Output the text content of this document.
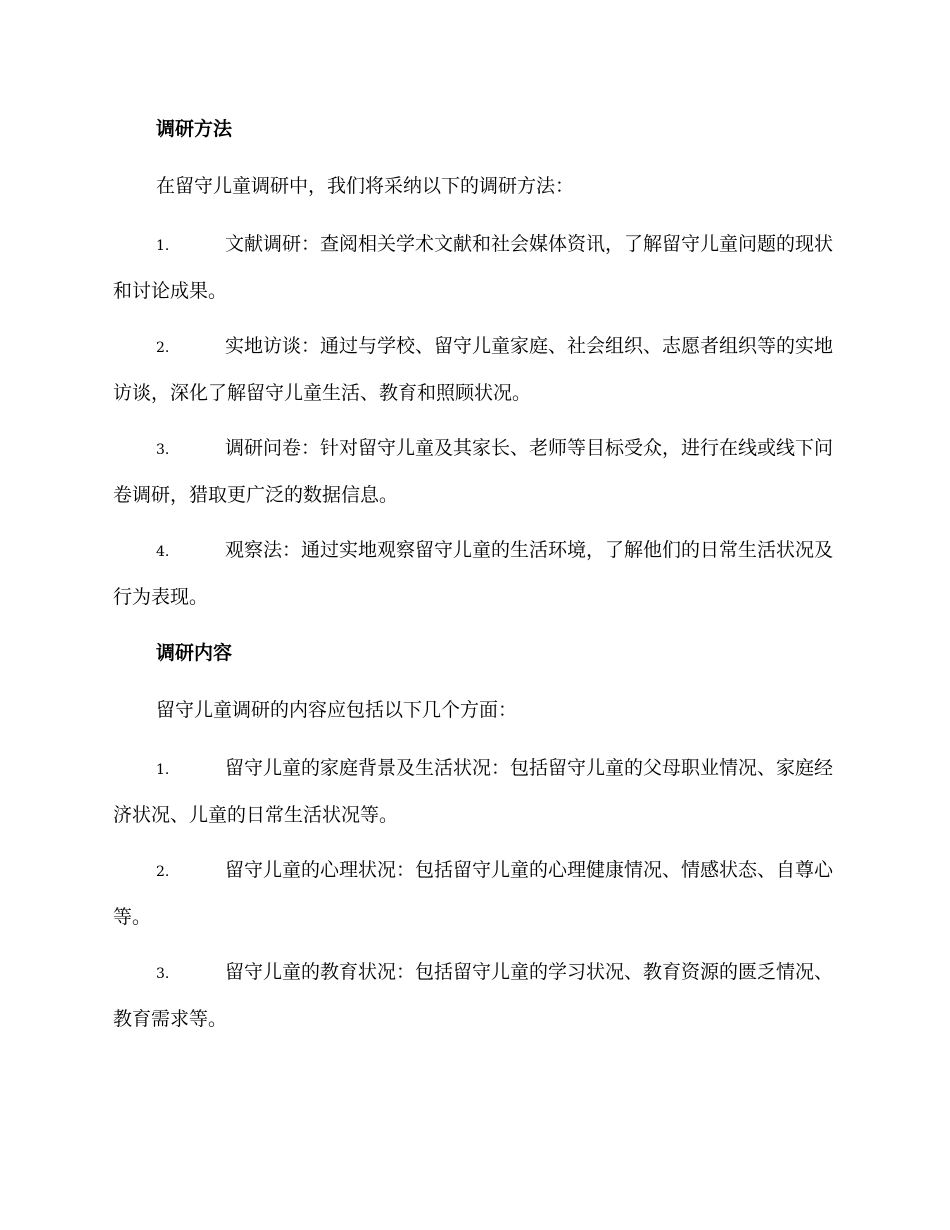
调研方法
在留守儿童调研中，我们将采纳以下的调研方法：
1.	文献调研：查阅相关学术文献和社会媒体资讯，了解留守儿童问题的现状和讨论成果。
2.	实地访谈：通过与学校、留守儿童家庭、社会组织、志愿者组织等的实地访谈，深化了解留守儿童生活、教育和照顾状况。
3.	调研问卷：针对留守儿童及其家长、老师等目标受众，进行在线或线下问卷调研，猎取更广泛的数据信息。
4.	观察法：通过实地观察留守儿童的生活环境，了解他们的日常生活状况及行为表现。
调研内容
留守儿童调研的内容应包括以下几个方面：
1.	留守儿童的家庭背景及生活状况：包括留守儿童的父母职业情况、家庭经济状况、儿童的日常生活状况等。
2.	留守儿童的心理状况：包括留守儿童的心理健康情况、情感状态、自尊心等。
3.	留守儿童的教育状况：包括留守儿童的学习状况、教育资源的匮乏情况、教育需求等。
